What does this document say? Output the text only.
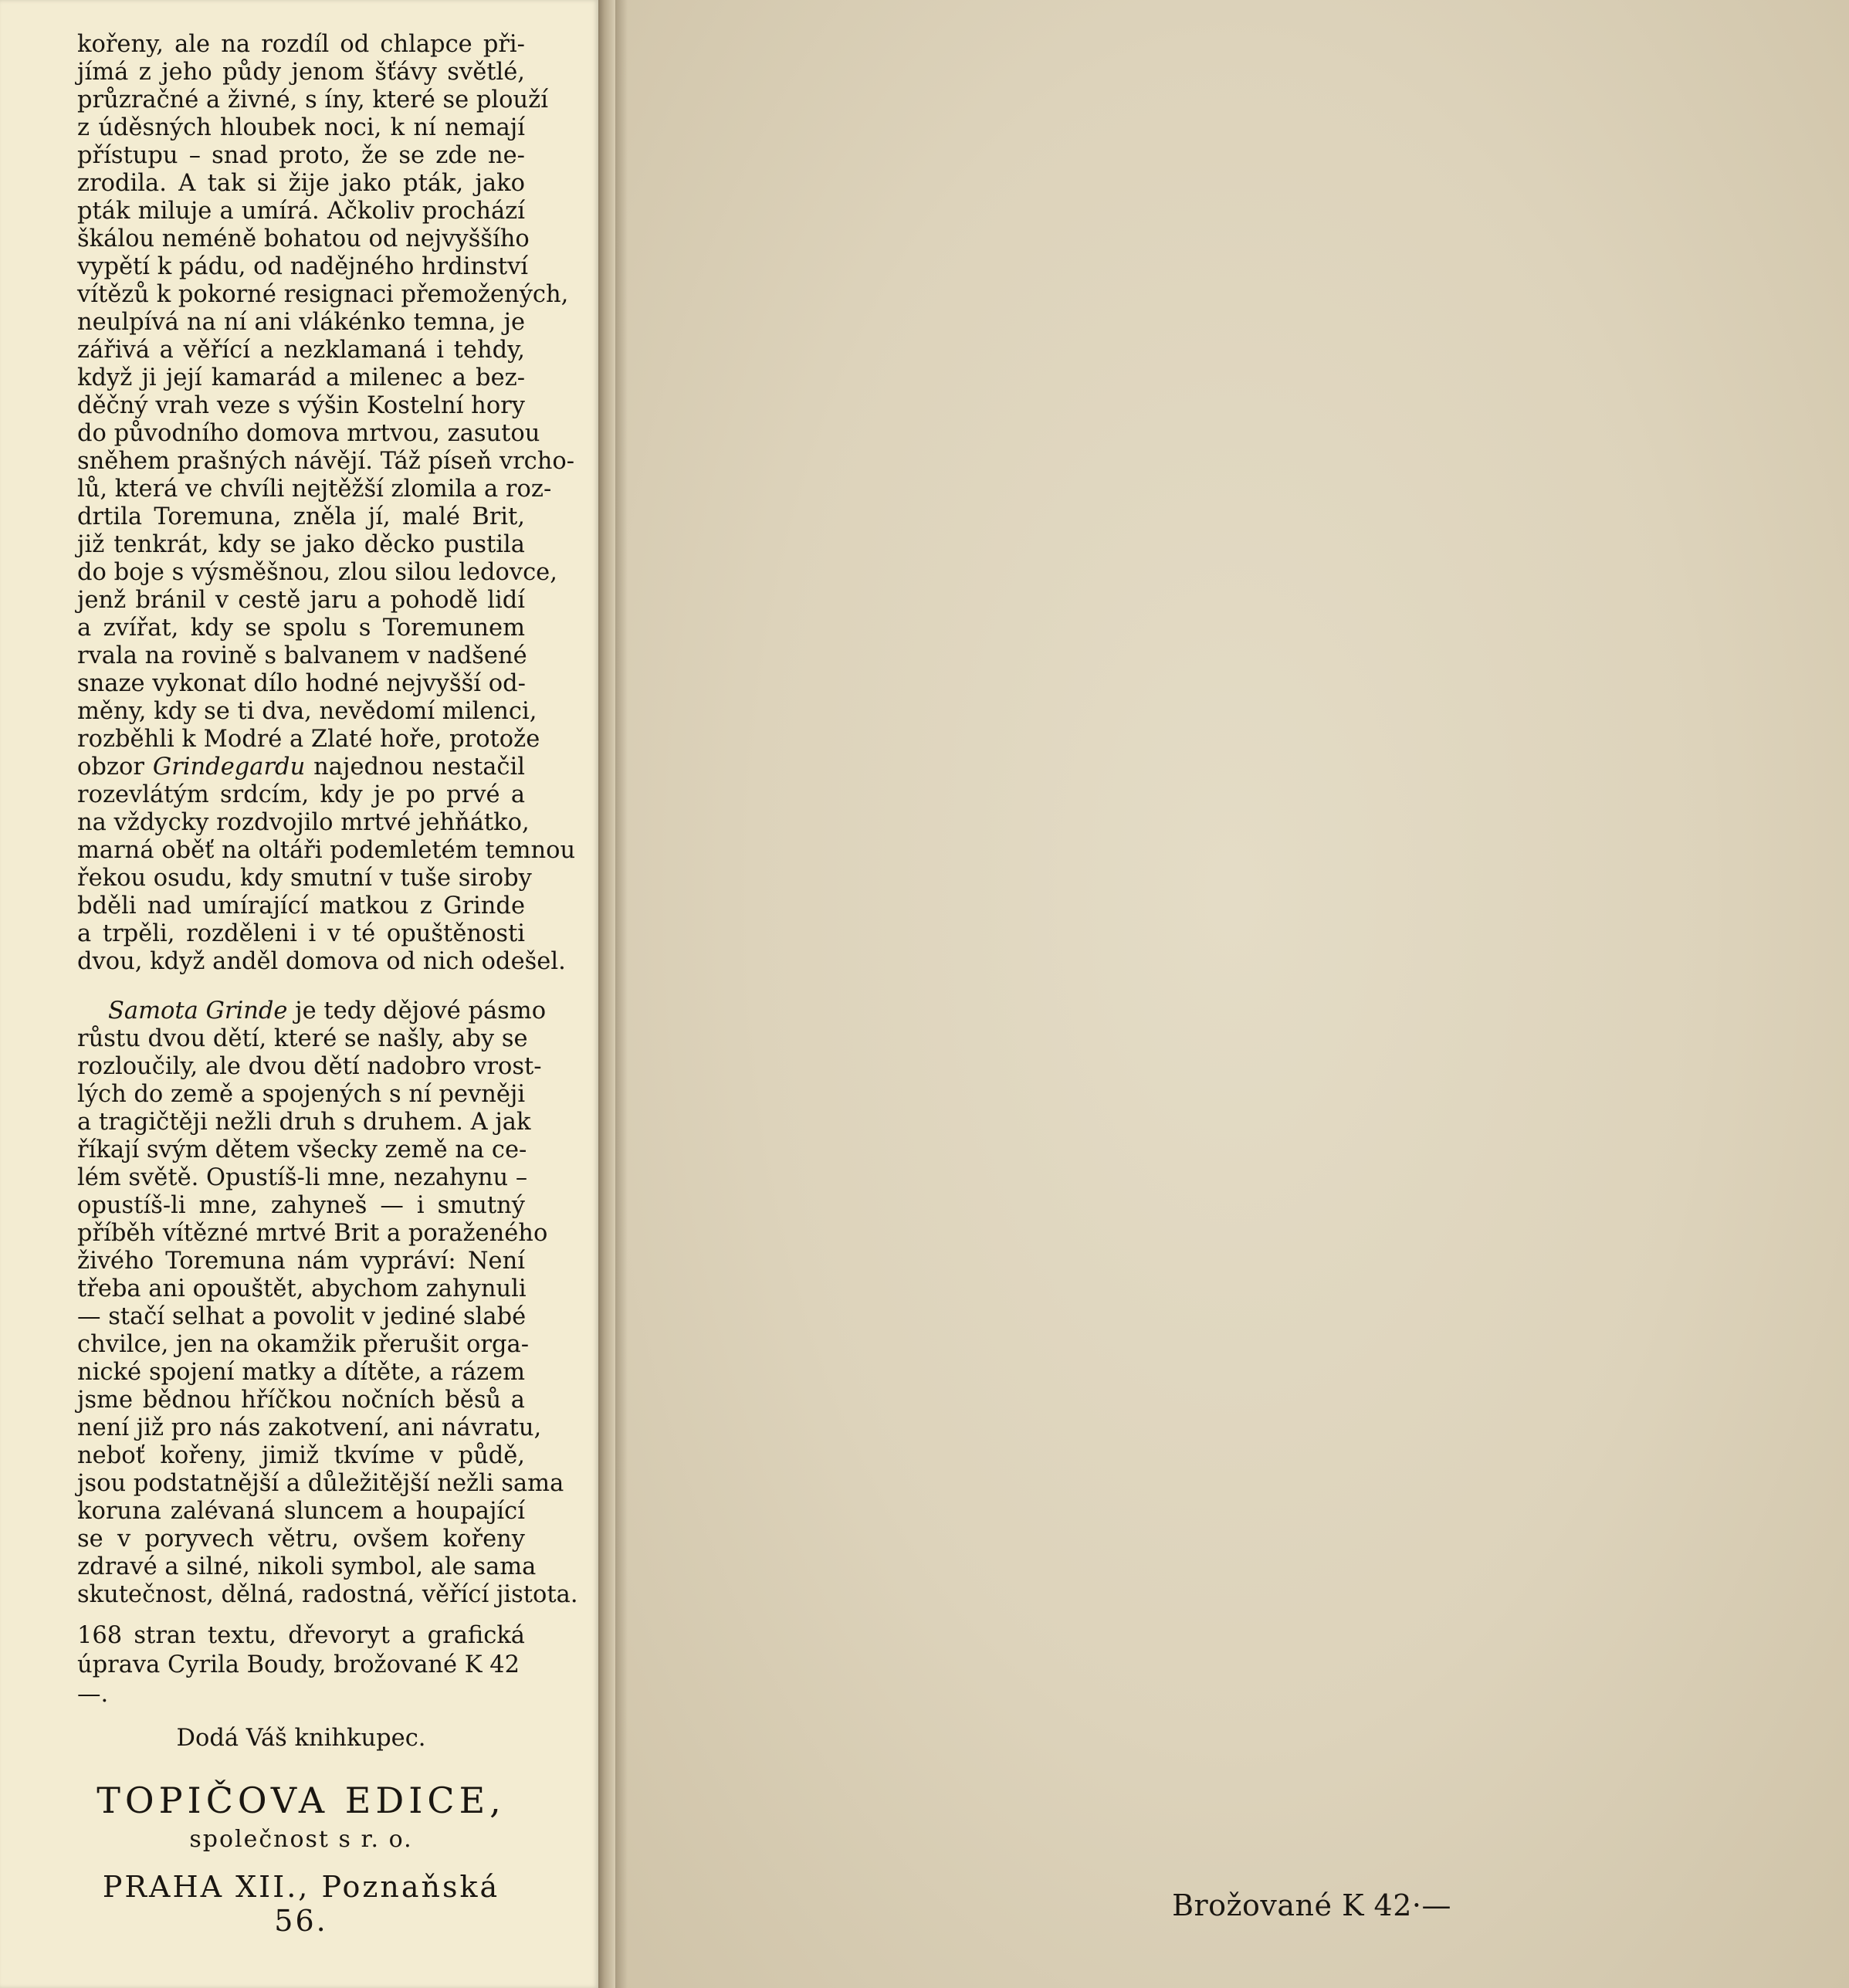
kořeny, ale na rozdíl od chlapce při-
jímá z jeho půdy jenom šťávy světlé,
průzračné a živné, s íny, které se plouží
z úděsných hloubek noci, k ní nemají
přístupu – snad proto, že se zde ne-
zrodila. A tak si žije jako pták, jako
pták miluje a umírá. Ačkoliv prochází
škálou neméně bohatou od nejvyššího
vypětí k pádu, od nadějného hrdinství
vítězů k pokorné resignaci přemožených,
neulpívá na ní ani vlákénko temna, je
zářivá a věřící a nezklamaná i tehdy,
když ji její kamarád a milenec a bez-
děčný vrah veze s výšin Kostelní hory
do původního domova mrtvou, zasutou
sněhem prašných návějí. Táž píseň vrcho-
lů, která ve chvíli nejtěžší zlomila a roz-
drtila Toremuna, zněla jí, malé Brit,
již tenkrát, kdy se jako děcko pustila
do boje s výsměšnou, zlou silou ledovce,
jenž bránil v cestě jaru a pohodě lidí
a zvířat, kdy se spolu s Toremunem
rvala na rovině s balvanem v nadšené
snaze vykonat dílo hodné nejvyšší od-
měny, kdy se ti dva, nevědomí milenci,
rozběhli k Modré a Zlaté hoře, protože
obzor Grindegardu najednou nestačil
rozevlátým srdcím, kdy je po prvé a
na vždycky rozdvojilo mrtvé jehňátko,
marná oběť na oltáři podemletém temnou
řekou osudu, kdy smutní v tuše siroby
bděli nad umírající matkou z Grinde
a trpěli, rozděleni i v té opuštěnosti
dvou, když anděl domova od nich odešel.
Samota Grinde je tedy dějové pásmo
růstu dvou dětí, které se našly, aby se
rozloučily, ale dvou dětí nadobro vrost-
lých do země a spojených s ní pevněji
a tragičtěji nežli druh s druhem. A jak
říkají svým dětem všecky země na ce-
lém světě. Opustíš-li mne, nezahynu –
opustíš-li mne, zahyneš — i smutný
příběh vítězné mrtvé Brit a poraženého
živého Toremuna nám vypráví: Není
třeba ani opouštět, abychom zahynuli
— stačí selhat a povolit v jediné slabé
chvilce, jen na okamžik přerušit orga-
nické spojení matky a dítěte, a rázem
jsme bědnou hříčkou nočních běsů a
není již pro nás zakotvení, ani návratu,
neboť kořeny, jimiž tkvíme v půdě,
jsou podstatnější a důležitější nežli sama
koruna zalévaná sluncem a houpající
se v poryvech větru, ovšem kořeny
zdravé a silné, nikoli symbol, ale sama
skutečnost, dělná, radostná, věřící jistota.
168 stran textu, dřevoryt a grafická
úprava Cyrila Boudy, brožované K 42—.
Dodá Váš knihkupec.
TOPIČOVA EDICE,
společnost s r. o.
PRAHA XII., Poznaňská 56.	Brožované K 42·—
